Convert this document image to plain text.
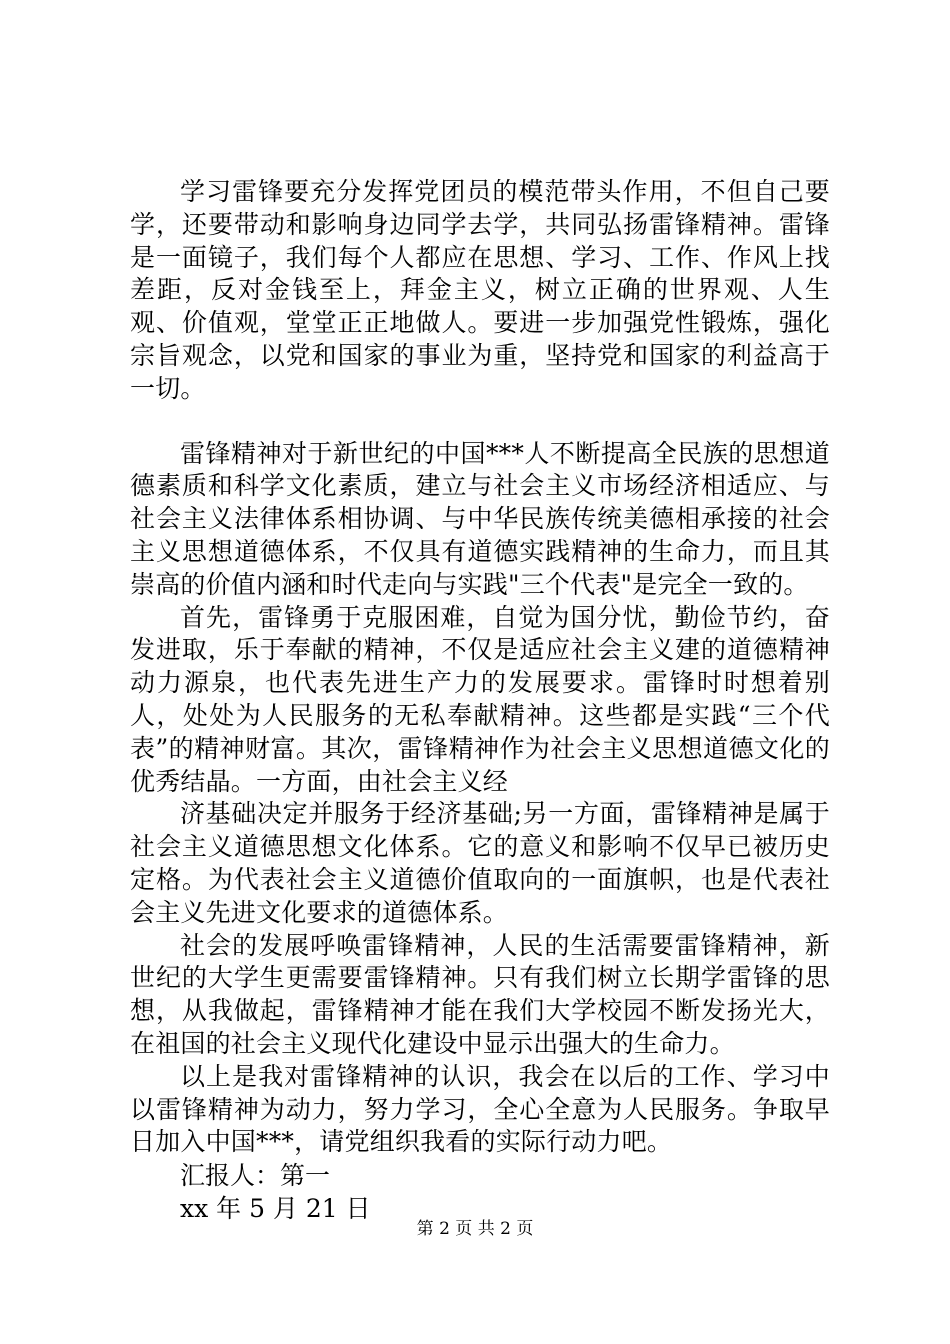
学习雷锋要充分发挥党团员的模范带头作用，不但自己要学，还要带动和影响身边同学去学，共同弘扬雷锋精神。雷锋是一面镜子，我们每个人都应在思想、学习、工作、作风上找差距，反对金钱至上，拜金主义，树立正确的世界观、人生观、价值观，堂堂正正地做人。要进一步加强党性锻炼，强化宗旨观念，以党和国家的事业为重，坚持党和国家的利益高于一切。

雷锋精神对于新世纪的中国***人不断提高全民族的思想道德素质和科学文化素质，建立与社会主义市场经济相适应、与社会主义法律体系相协调、与中华民族传统美德相承接的社会主义思想道德体系，不仅具有道德实践精神的生命力，而且其崇高的价值内涵和时代走向与实践"三个代表"是完全一致的。

首先，雷锋勇于克服困难，自觉为国分忧，勤俭节约，奋发进取，乐于奉献的精神，不仅是适应社会主义建的道德精神动力源泉，也代表先进生产力的发展要求。雷锋时时想着别人，处处为人民服务的无私奉献精神。这些都是实践“三个代表”的精神财富。其次，雷锋精神作为社会主义思想道德文化的优秀结晶。一方面，由社会主义经

济基础决定并服务于经济基础;另一方面，雷锋精神是属于社会主义道德思想文化体系。它的意义和影响不仅早已被历史定格。为代表社会主义道德价值取向的一面旗帜，也是代表社会主义先进文化要求的道德体系。

社会的发展呼唤雷锋精神，人民的生活需要雷锋精神，新世纪的大学生更需要雷锋精神。只有我们树立长期学雷锋的思想，从我做起，雷锋精神才能在我们大学校园不断发扬光大，在祖国的社会主义现代化建设中显示出强大的生命力。

以上是我对雷锋精神的认识，我会在以后的工作、学习中以雷锋精神为动力，努力学习，全心全意为人民服务。争取早日加入中国***，请党组织我看的实际行动力吧。

汇报人：第一

xx 年 5 月 21 日

第 2 页 共 2 页
